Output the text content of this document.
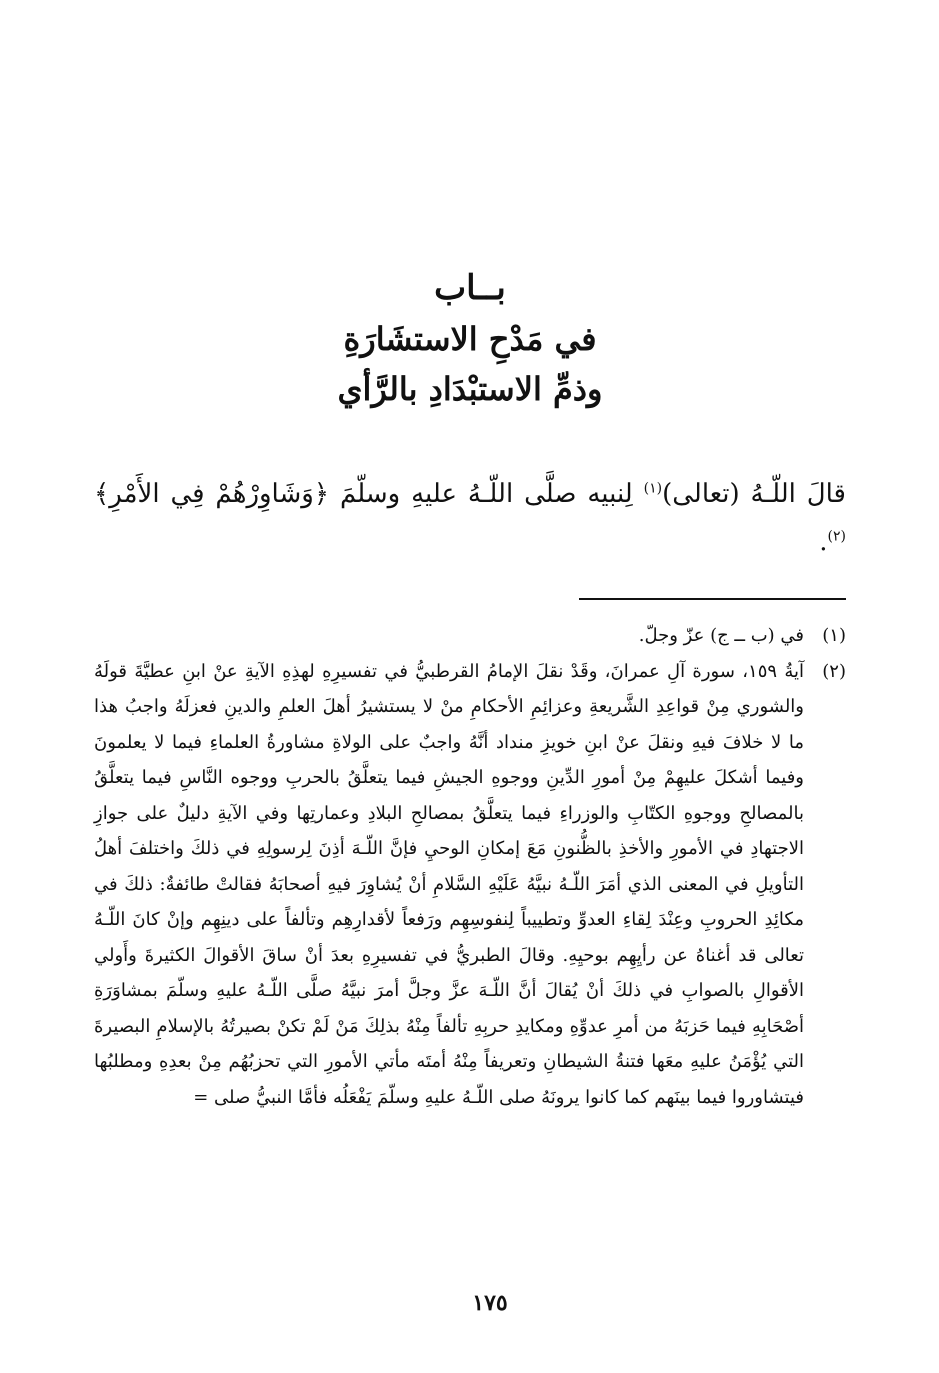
بــاب
في مَدْحِ الاستشَارَةِ
وذمِّ الاستبْدَادِ بالرَّأي
قالَ اللّـهُ (تعالى)$^{(١)}$ لِنبيه صلَّى اللّـهُ عليهِ وسلّمَ ﴿وَشَاوِرْهُمْ فِي الأَمْرِ﴾$^{(٢)}$.
(١)
في (ب ــ ج) عزّ وجلّ.
(٢)
آيةُ ١٥٩، سورة آلِ عمرانَ، وقَدْ نقلَ الإمامُ القرطبيُّ في تفسيرِهِ لهذِهِ الآيةِ عنْ ابنِ عطيَّةَ قولَهُ والشوري مِنْ قواعِدِ الشَّريعةِ وعزائِمِ الأحكامِ منْ لا يستشيرُ أهلَ العلمِ والدينِ فعزلَهُ واجبُ هذا ما لا خلافَ فيهِ ونقلَ عنْ ابنِ خويزِ منداد أنَّهُ واجبٌ على الولاةِ مشاورةُ العلماءِ فيما لا يعلمونَ وفيما أشكلَ عليهِمْ مِنْ أمورِ الدِّينِ ووجوهِ الجيشِ فيما يتعلَّقُ بالحربِ ووجوه النَّاسِ فيما يتعلَّقُ بالمصالحِ ووجوهِ الكتّابِ والوزراءِ فيما يتعلَّقُ بمصالحِ البلادِ وعمارتِها وفي الآيةِ دليلٌ على جوازِ الاجتهادِ في الأمورِ والأخذِ بالظُّنونِ مَعَ إمكانِ الوحيِ فإنَّ اللّـهَ أذِنَ لِرسولِهِ في ذلكَ واختلفَ أهلُ التأويلِ في المعنى الذي أمَرَ اللّـهُ نبيَّهُ عَلَيْهِ السَّلامِ أنْ يُشاوِرَ فيهِ أصحابَهُ فقالتْ طائفةٌ: ذلكَ في مكائِدِ الحروبِ وعِنْدَ لِقاءِ العدوِّ وتطييباً لِنفوسِهِم ورَفعاً لأقدارِهِم وتألفاً على دينِهِم وإنْ كانَ اللّـهُ تعالى قد أغناهُ عن رأيِهِم بوحيِهِ. وقالَ الطبريُّ في تفسيرِهِ بعدَ أنْ ساقَ الأقوالَ الكثيرةَ وأَولي الأقوالِ بالصوابِ في ذلكَ أنْ يُقالَ أنَّ اللّـهَ عزَّ وجلَّ أمرَ نبيَّهُ صلَّى اللّـهُ عليهِ وسلّمَ بمشاوَرَةِ أصْحَابِهِ فيما حَزبَهُ من أمرِ عدوِّهِ ومكايدِ حربِهِ تألفاً مِنْهُ بذلِكَ مَنْ لَمْ تكنْ بصيرتُهُ بالإسلامِ البصيرةَ التي يُؤْمَنُ عليهِ معَها فتنةُ الشيطانِ وتعريفاً مِنْهُ أمتَه مأتي الأمورِ التي تحزبُهُم مِنْ بعدِهِ ومطلبُها فيتشاوروا فيما بينَهم كما كانوا يرونَهُ صلى اللّـهُ عليهِ وسلّمَ يَفْعَلُه فأمَّا النبيُّ صلى =
١٧٥
